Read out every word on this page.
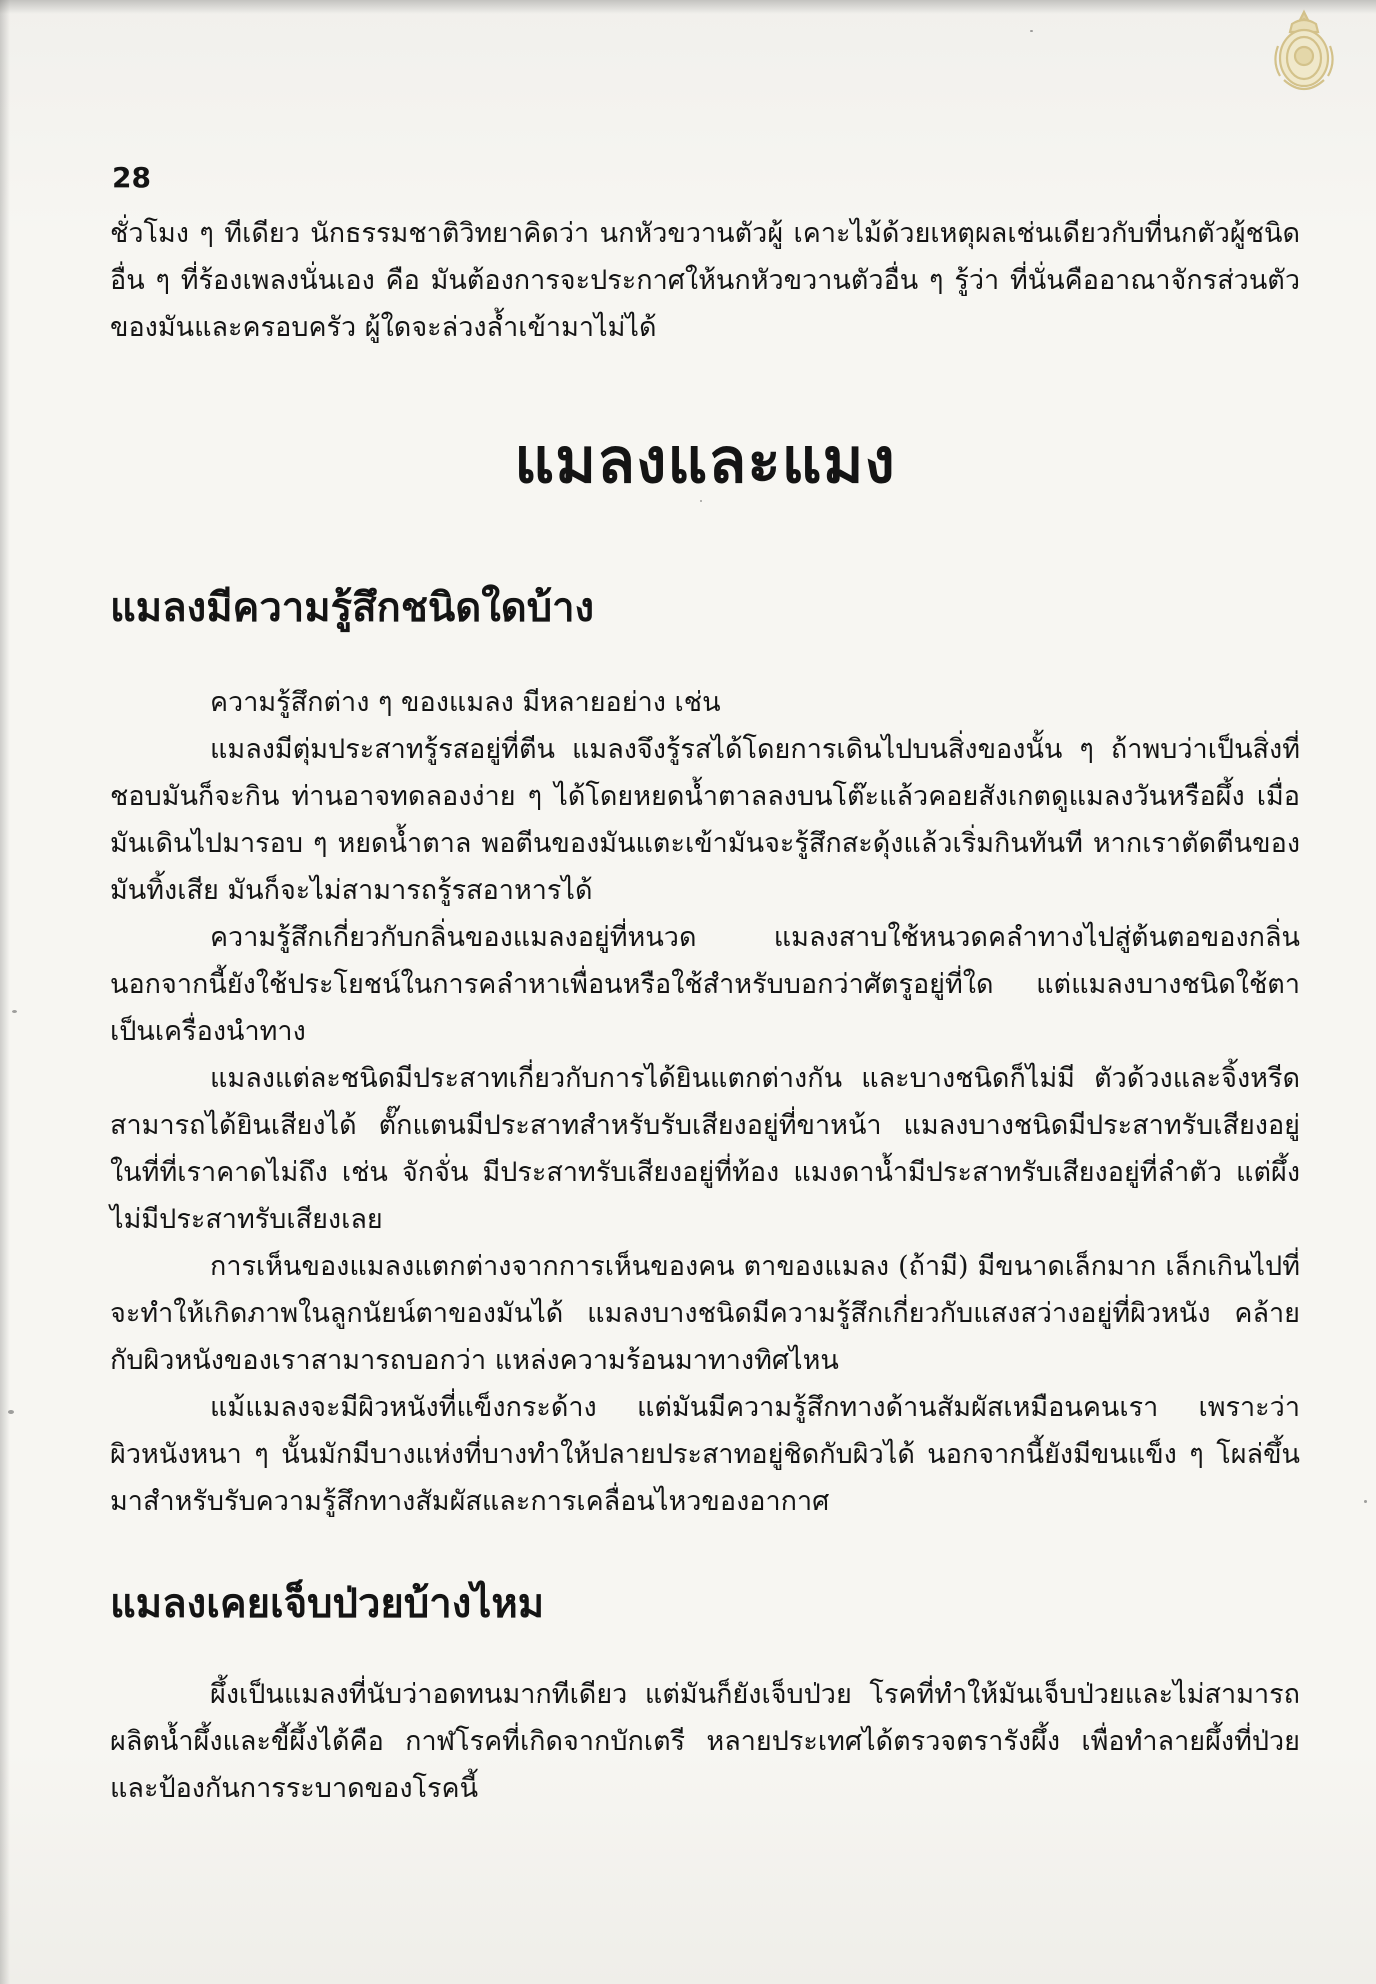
28

ชั่วโมง ๆ ทีเดียว นักธรรมชาติวิทยาคิดว่า นกหัวขวานตัวผู้ เคาะไม้ด้วยเหตุผลเช่นเดียวกับที่นกตัวผู้ชนิดอื่น ๆ ที่ร้องเพลงนั่นเอง คือ มันต้องการจะประกาศให้นกหัวขวานตัวอื่น ๆ รู้ว่า ที่นั่นคืออาณาจักรส่วนตัวของมันและครอบครัว ผู้ใดจะล่วงล้ำเข้ามาไม่ได้

แมลงและแมง
แมลงมีความรู้สึกชนิดใดบ้าง

ความรู้สึกต่าง ๆ ของแมลง มีหลายอย่าง เช่น

แมลงมีตุ่มประสาทรู้รสอยู่ที่ตีน แมลงจึงรู้รสได้โดยการเดินไปบนสิ่งของนั้น ๆ ถ้าพบว่าเป็นสิ่งที่ชอบมันก็จะกิน ท่านอาจทดลองง่าย ๆ ได้โดยหยดน้ำตาลลงบนโต๊ะแล้วคอยสังเกตดูแมลงวันหรือผึ้ง เมื่อมันเดินไปมารอบ ๆ หยดน้ำตาล พอตีนของมันแตะเข้ามันจะรู้สึกสะดุ้งแล้วเริ่มกินทันที หากเราตัดตีนของมันทิ้งเสีย มันก็จะไม่สามารถรู้รสอาหารได้

ความรู้สึกเกี่ยวกับกลิ่นของแมลงอยู่ที่หนวด แมลงสาบใช้หนวดคลำทางไปสู่ต้นตอของกลิ่น นอกจากนี้ยังใช้ประโยชน์ในการคลำหาเพื่อนหรือใช้สำหรับบอกว่าศัตรูอยู่ที่ใด แต่แมลงบางชนิดใช้ตาเป็นเครื่องนำทาง

แมลงแต่ละชนิดมีประสาทเกี่ยวกับการได้ยินแตกต่างกัน และบางชนิดก็ไม่มี ตัวด้วงและจิ้งหรีดสามารถได้ยินเสียงได้ ตั๊กแตนมีประสาทสำหรับรับเสียงอยู่ที่ขาหน้า แมลงบางชนิดมีประสาทรับเสียงอยู่ในที่ที่เราคาดไม่ถึง เช่น จักจั่น มีประสาทรับเสียงอยู่ที่ท้อง แมงดาน้ำมีประสาทรับเสียงอยู่ที่ลำตัว แต่ผึ้งไม่มีประสาทรับเสียงเลย

การเห็นของแมลงแตกต่างจากการเห็นของคน ตาของแมลง (ถ้ามี) มีขนาดเล็กมาก เล็กเกินไปที่จะทำให้เกิดภาพในลูกนัยน์ตาของมันได้ แมลงบางชนิดมีความรู้สึกเกี่ยวกับแสงสว่างอยู่ที่ผิวหนัง คล้ายกับผิวหนังของเราสามารถบอกว่า แหล่งความร้อนมาทางทิศไหน

แม้แมลงจะมีผิวหนังที่แข็งกระด้าง แต่มันมีความรู้สึกทางด้านสัมผัสเหมือนคนเรา เพราะว่า ผิวหนังหนา ๆ นั้นมักมีบางแห่งที่บางทำให้ปลายประสาทอยู่ชิดกับผิวได้ นอกจากนี้ยังมีขนแข็ง ๆ โผล่ขึ้นมาสำหรับรับความรู้สึกทางสัมผัสและการเคลื่อนไหวของอากาศ

แมลงเคยเจ็บป่วยบ้างไหม

ผึ้งเป็นแมลงที่นับว่าอดทนมากทีเดียว แต่มันก็ยังเจ็บป่วย โรคที่ทำให้มันเจ็บป่วยและไม่สามารถผลิตน้ำผึ้งและขี้ผึ้งได้คือ กาฬโรคที่เกิดจากบักเตรี หลายประเทศได้ตรวจตรารังผึ้ง เพื่อทำลายผึ้งที่ป่วยและป้องกันการระบาดของโรคนี้
